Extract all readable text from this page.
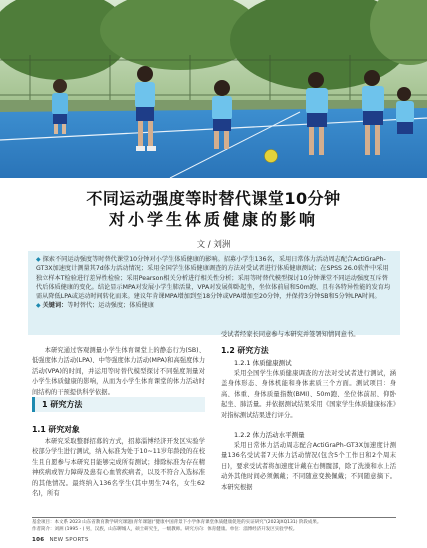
不同运动强度等时替代课堂10分钟
对小学生体质健康的影响
文 / 刘洲

◆ 探索不同运动强度等时替代课堂10分钟对小学生体质健康的影响。招募小学生136名，采用日常体力活动周志配合ActiGraPh-GT3X加速度计测量其7d体力活动情况；采用全国学生体质健康调查的方法对受试者进行体质健康测试；在SPSS 26.0软件中采用独立样本T检验进行差异性检验；采用Pearson相关分析进行相关性分析；采用等时替代模型探讨10分钟课堂不同运动强度互斥替代后体质健康的变化。结论显示MPA对发展小学生肺活量，VPA对发展仰卧起坐，坐位体前屈和50m跑、且有各特异性能的发育均需从降低LPA或运动时间转化而来。建议年肯课MPA增加到至18分钟或VPA增加至20分钟，并保持3分钟SB和5分钟LPA时间。

◆ 关键词：等时替代；运动强度；体质健康

本研究通过客观测量小学生体育课堂上的静态行为(SB)、低强度体力活动(LPA)、中等强度体力活动(MPA)和高强度体力活动(VPA)的时间，并运用等时替代模型探讨不同强度剂量对小学生体质健康的影响，从而为小学生体育课堂的体力活动时间结构的干预提供科学依据。

1 研究方法
1.1 研究对象

本研究采取整群招募的方式，招募淄博经济开发区实验学校部分学生进行测试，纳入标准为处于10~11岁年龄段的在校生且自愿参与本研究目能够完成所有测试；排除标准为存在精神疾病或智力障碍及患有心血管疾病者，以及不符合入选标准的其他情况。最终纳入136名学生(其中男生74名，女生62名)，所有

受试者经家长同意参与本研究并签署知情同意书。

1.2 研究方法
1.2.1 体质健康测试

采用全国学生体质健康调查的方法对受试者进行测试，涵盖身体形态、身体机能和身体素质三个方面。测试项目：身高、体重、身体质量指数(BMI)、50m跑、坐位体前屈、仰卧起坐、肺活量。并依据测试结果采用《国家学生体质健康标准》对指标测试结果进行评分。

1.2.2 体力活动水平测量

采用日常体力活动周志配合ActiGraPh-GT3X加速度计测量136名受试者7天体力活动情况(包含5个工作日和2个周末日)，要求受试者将加速度计戴在右侧髋部，除了洗澡和水上活动外其他时间必须佩戴；不同随意变换佩戴；不同随意摘下。本研究根据

基金项目：本文系 2023 山东省教育教学研究课题(青年课题)“健康中国背景下小学体育课堂体质健康促进的实证研究”(2023JXQ131) 阶段成果。
作者简介：刘洲 (1995 - ) 男，汉族，山东聊城人，硕士研究生，一级教师。研究方向：体育健康。单位：淄博经济开发区实验学校。
106 NEW SPORTS
